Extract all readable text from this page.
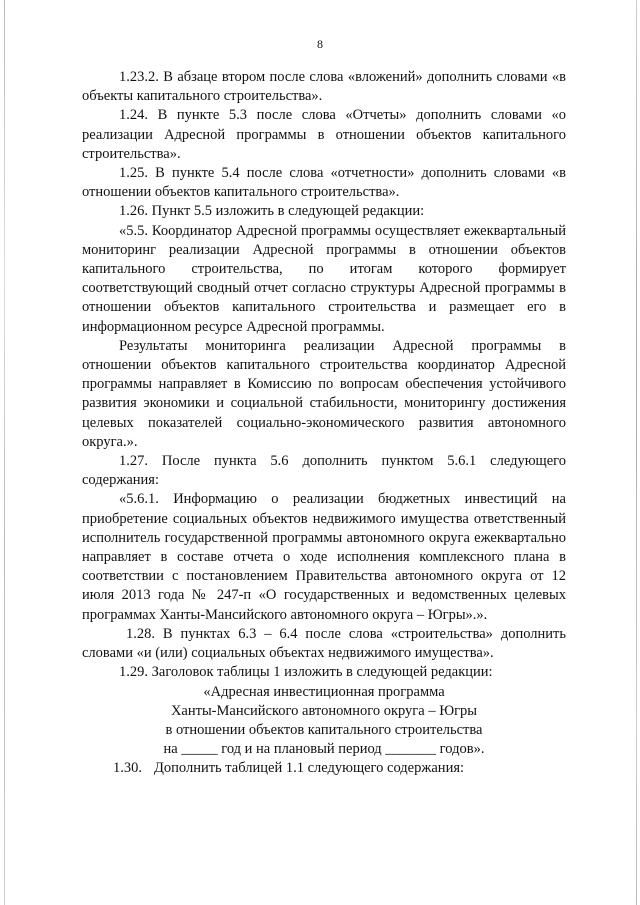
8

1.23.2. В абзаце втором после слова «вложений» дополнить словами «в объекты капитального строительства».

1.24. В пункте 5.3 после слова «Отчеты» дополнить словами «о реализации Адресной программы в отношении объектов капитального строительства».

1.25. В пункте 5.4 после слова «отчетности» дополнить словами «в отношении объектов капитального строительства».

1.26. Пункт 5.5 изложить в следующей редакции:

«5.5. Координатор Адресной программы осуществляет ежеквартальный мониторинг реализации Адресной программы в отношении объектов капитального строительства, по итогам которого формирует соответствующий сводный отчет согласно структуры Адресной программы в отношении объектов капитального строительства и размещает его в информационном ресурсе Адресной программы.

Результаты мониторинга реализации Адресной программы в отношении объектов капитального строительства координатор Адресной программы направляет в Комиссию по вопросам обеспечения устойчивого развития экономики и социальной стабильности, мониторингу достижения целевых показателей социально-экономического развития автономного округа.».

1.27. После пункта 5.6 дополнить пунктом 5.6.1 следующего содержания:

«5.6.1. Информацию о реализации бюджетных инвестиций на приобретение социальных объектов недвижимого имущества ответственный исполнитель государственной программы автономного округа ежеквартально направляет в составе отчета о ходе исполнения комплексного плана в соответствии с постановлением Правительства автономного округа от 12 июля 2013 года № 247-п «О государственных и ведомственных целевых программах Ханты-Мансийского автономного округа – Югры».».

1.28. В пунктах 6.3 – 6.4 после слова «строительства» дополнить словами «и (или) социальных объектах недвижимого имущества».

1.29. Заголовок таблицы 1 изложить в следующей редакции:

«Адресная инвестиционная программа

Ханты-Мансийского автономного округа – Югры

в отношении объектов капитального строительства

на _____ год и на плановый период _______ годов».

1.30. Дополнить таблицей 1.1 следующего содержания:
